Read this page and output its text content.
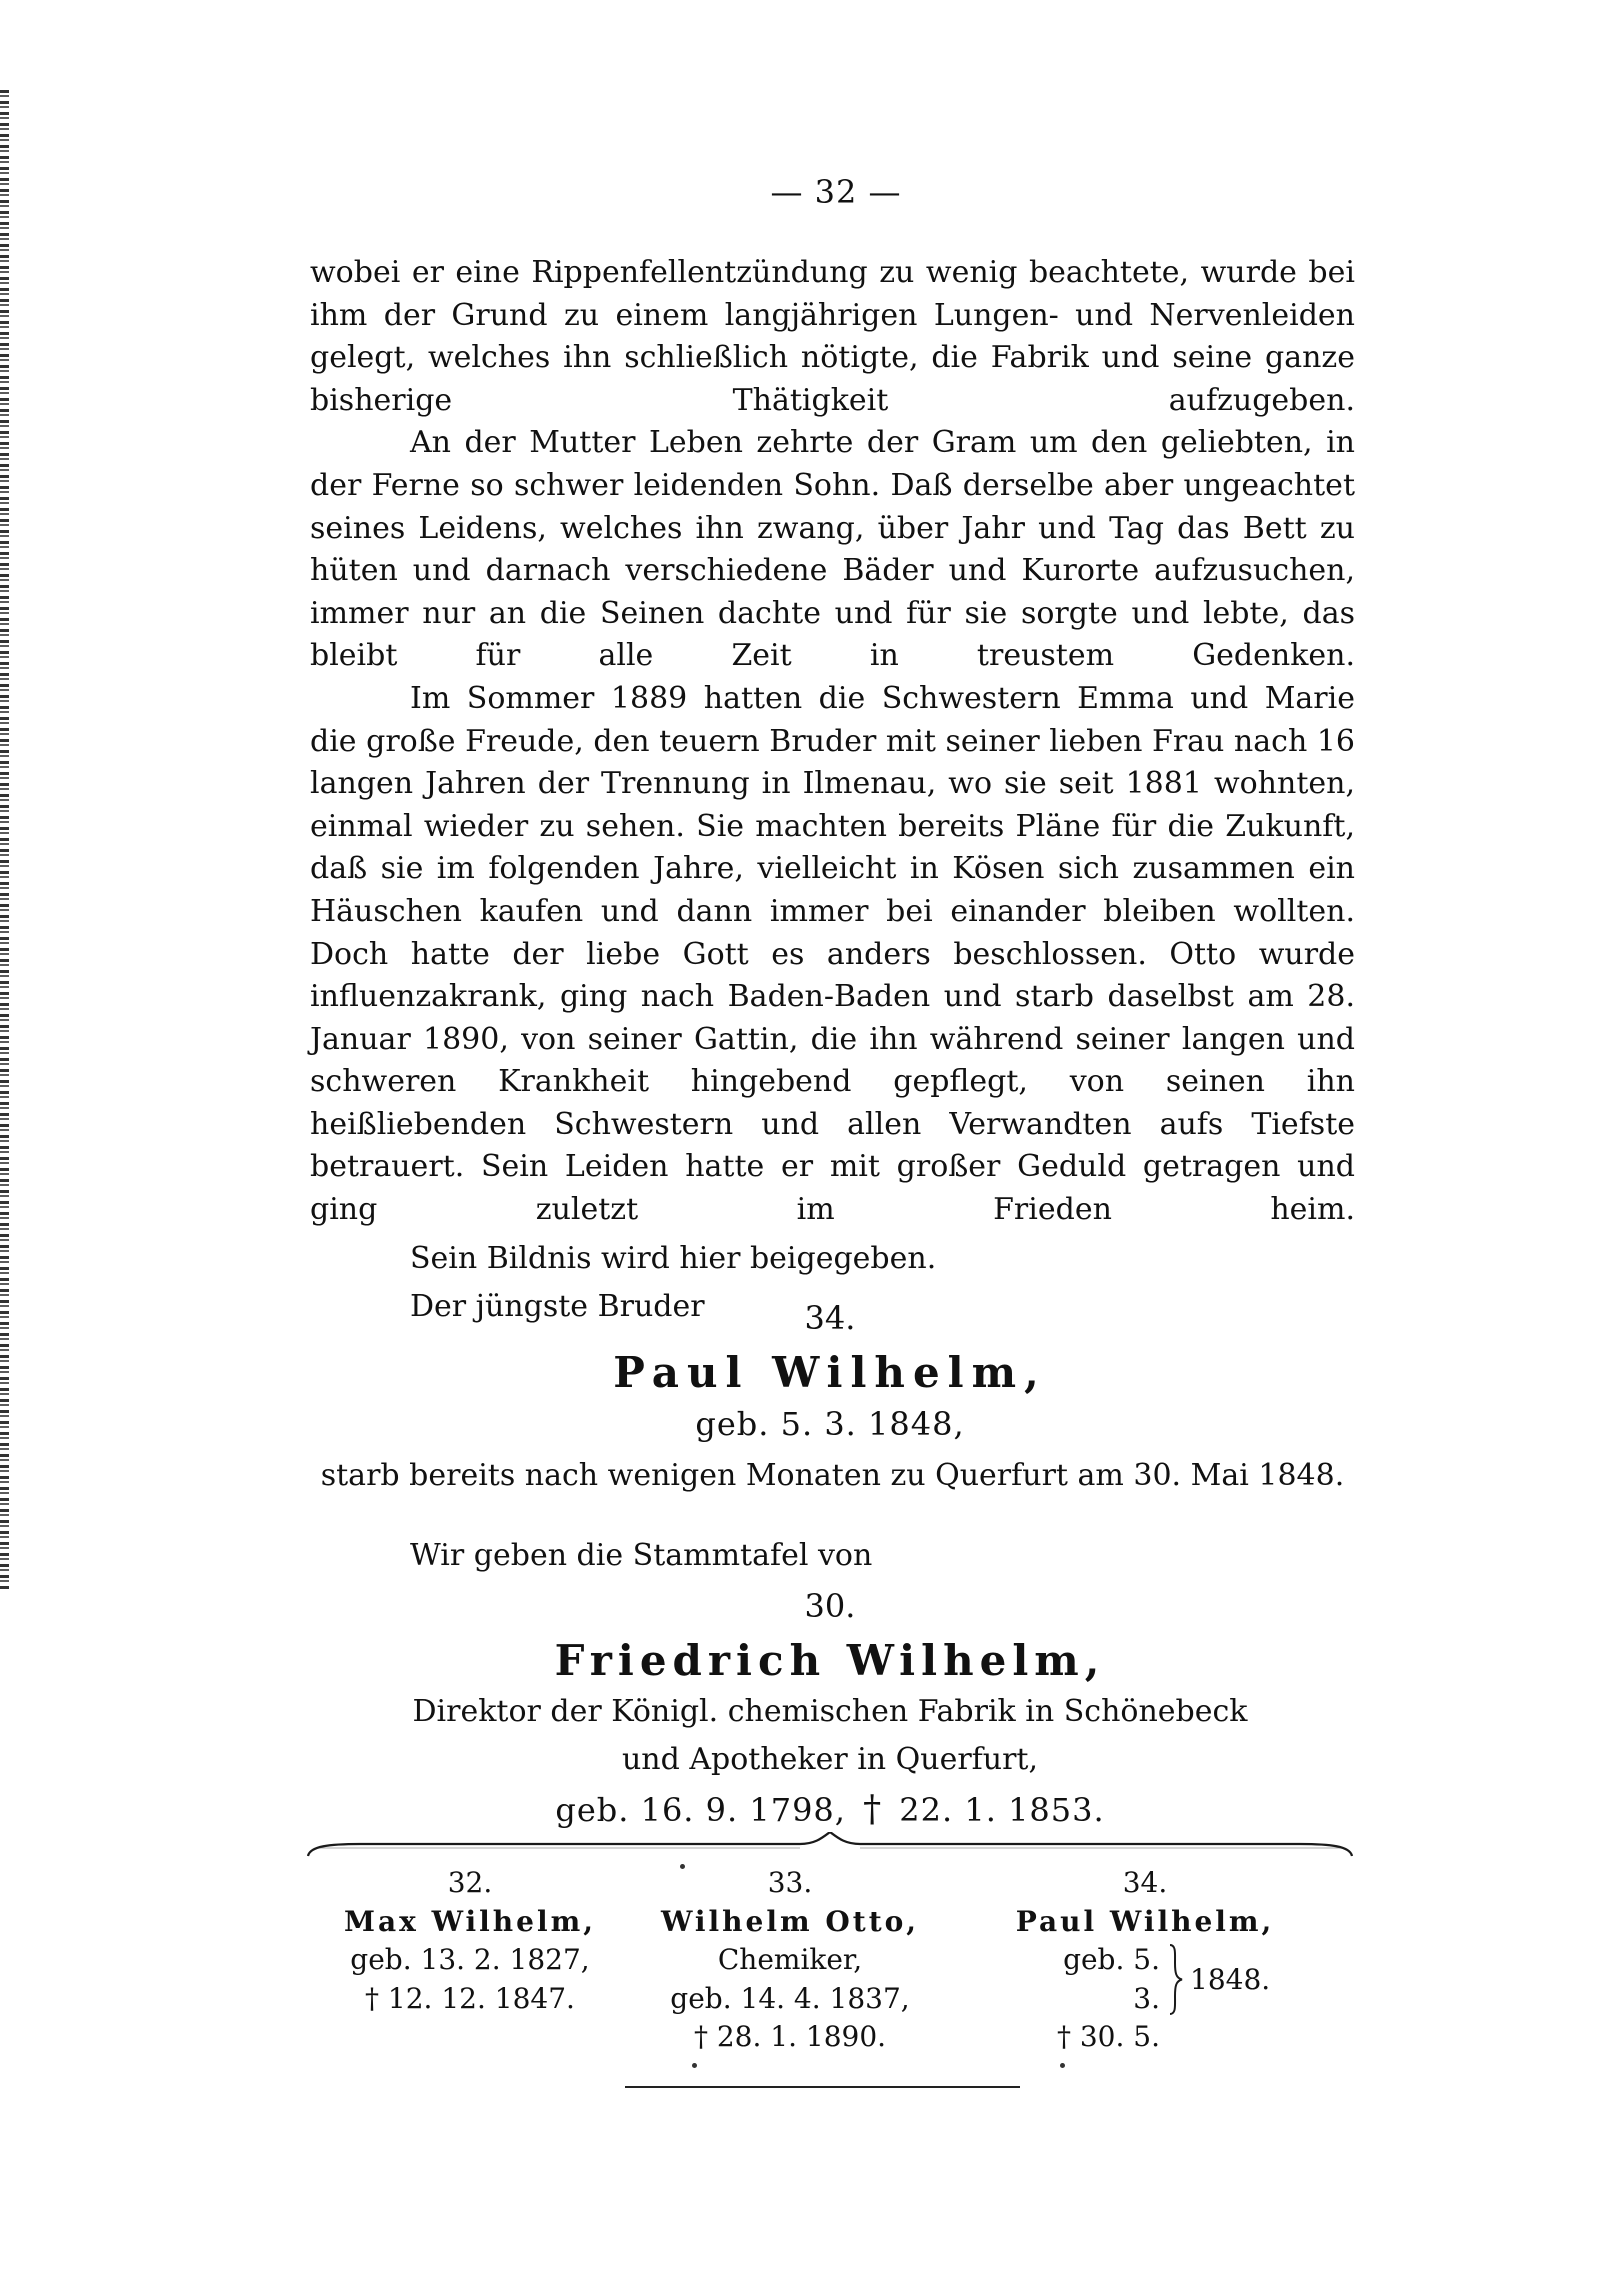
— 32 —

wobei er eine Rippenfellentzündung zu wenig beachtete, wurde bei ihm der Grund zu einem langjährigen Lungen- und Nervenleiden gelegt, welches ihn schließlich nötigte, die Fabrik und seine ganze bisherige Thätigkeit aufzugeben.

An der Mutter Leben zehrte der Gram um den geliebten, in der Ferne so schwer leidenden Sohn. Daß derselbe aber ungeachtet seines Leidens, welches ihn zwang, über Jahr und Tag das Bett zu hüten und darnach verschiedene Bäder und Kurorte aufzusuchen, immer nur an die Seinen dachte und für sie sorgte und lebte, das bleibt für alle Zeit in treustem Gedenken.

Im Sommer 1889 hatten die Schwestern Emma und Marie die große Freude, den teuern Bruder mit seiner lieben Frau nach 16 langen Jahren der Trennung in Ilmenau, wo sie seit 1881 wohnten, einmal wieder zu sehen. Sie machten bereits Pläne für die Zukunft, daß sie im folgenden Jahre, vielleicht in Kösen sich zusammen ein Häuschen kaufen und dann immer bei einander bleiben wollten. Doch hatte der liebe Gott es anders beschlossen. Otto wurde influenzakrank, ging nach Baden-Baden und starb daselbst am 28. Januar 1890, von seiner Gattin, die ihn während seiner langen und schweren Krankheit hingebend gepflegt, von seinen ihn heißliebenden Schwestern und allen Verwandten aufs Tiefste betrauert. Sein Leiden hatte er mit großer Geduld getragen und ging zuletzt im Frieden heim.

Sein Bildnis wird hier beigegeben.

Der jüngste Bruder	34.
Paul Wilhelm,
geb. 5. 3. 1848,
starb bereits nach wenigen Monaten zu Querfurt am 30. Mai 1848.
Wir geben die Stammtafel von
30.
Friedrich Wilhelm,
Direktor der Königl. chemischen Fabrik in Schönebeck
und Apotheker in Querfurt,
geb. 16. 9. 1798, † 22. 1. 1853.
32.
Max Wilhelm,
geb. 13. 2. 1827,
† 12. 12. 1847.
33.
Wilhelm Otto,
Chemiker,
geb. 14. 4. 1837,
† 28. 1. 1890.
34.
Paul Wilhelm,
geb. 5. 3.
† 30. 5.
1848.
